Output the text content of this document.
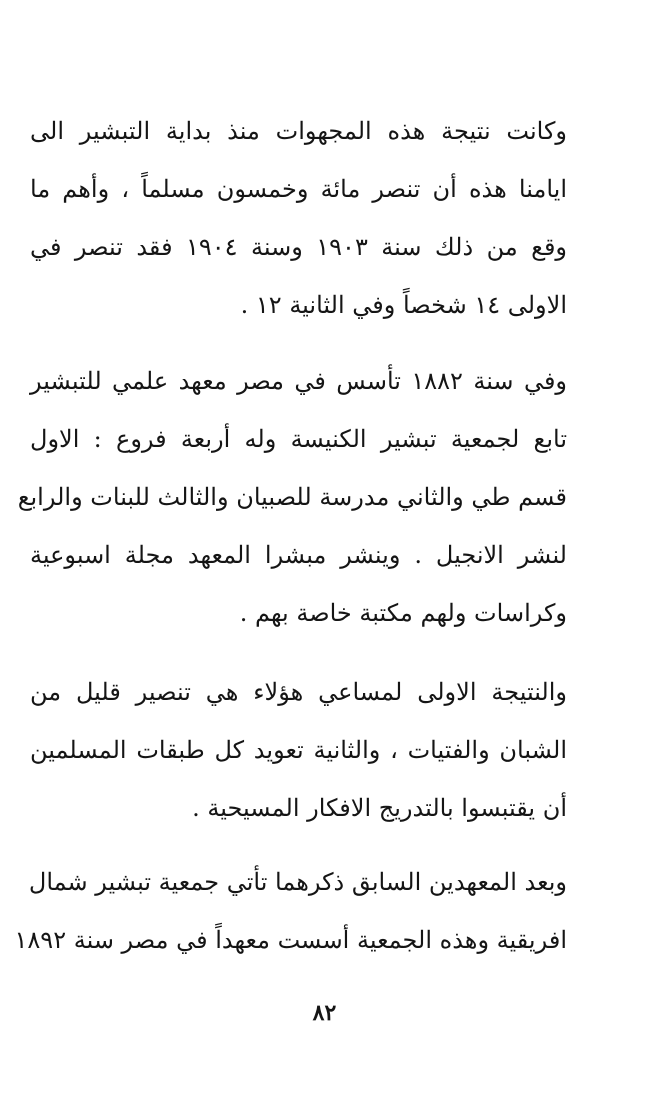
وكانت نتيجة هذه المجهوات منذ بداية التبشير الى
ايامنا هذه أن تنصر مائة وخمسون مسلماً ، وأهم ما
وقع من ذلك سنة ١٩٠٣ وسنة ١٩٠٤ فقد تنصر في
الاولى ١٤ شخصاً وفي الثانية ١٢ .
وفي سنة ١٨٨٢ تأسس في مصر معهد علمي للتبشير
تابع لجمعية تبشير الكنيسة وله أربعة فروع : الاول
قسم طي والثاني مدرسة للصبيان والثالث للبنات والرابع
لنشر الانجيل . وينشر مبشرا المعهد مجلة اسبوعية
وكراسات ولهم مكتبة خاصة بهم .
والنتيجة الاولى لمساعي هؤلاء هي تنصير قليل من
الشبان والفتيات ، والثانية تعويد كل طبقات المسلمين
أن يقتبسوا بالتدريج الافكار المسيحية .
وبعد المعهدين السابق ذكرهما تأتي جمعية تبشير شمال
افريقية وهذه الجمعية أسست معهداً في مصر سنة ١٨٩٢
٨٢
